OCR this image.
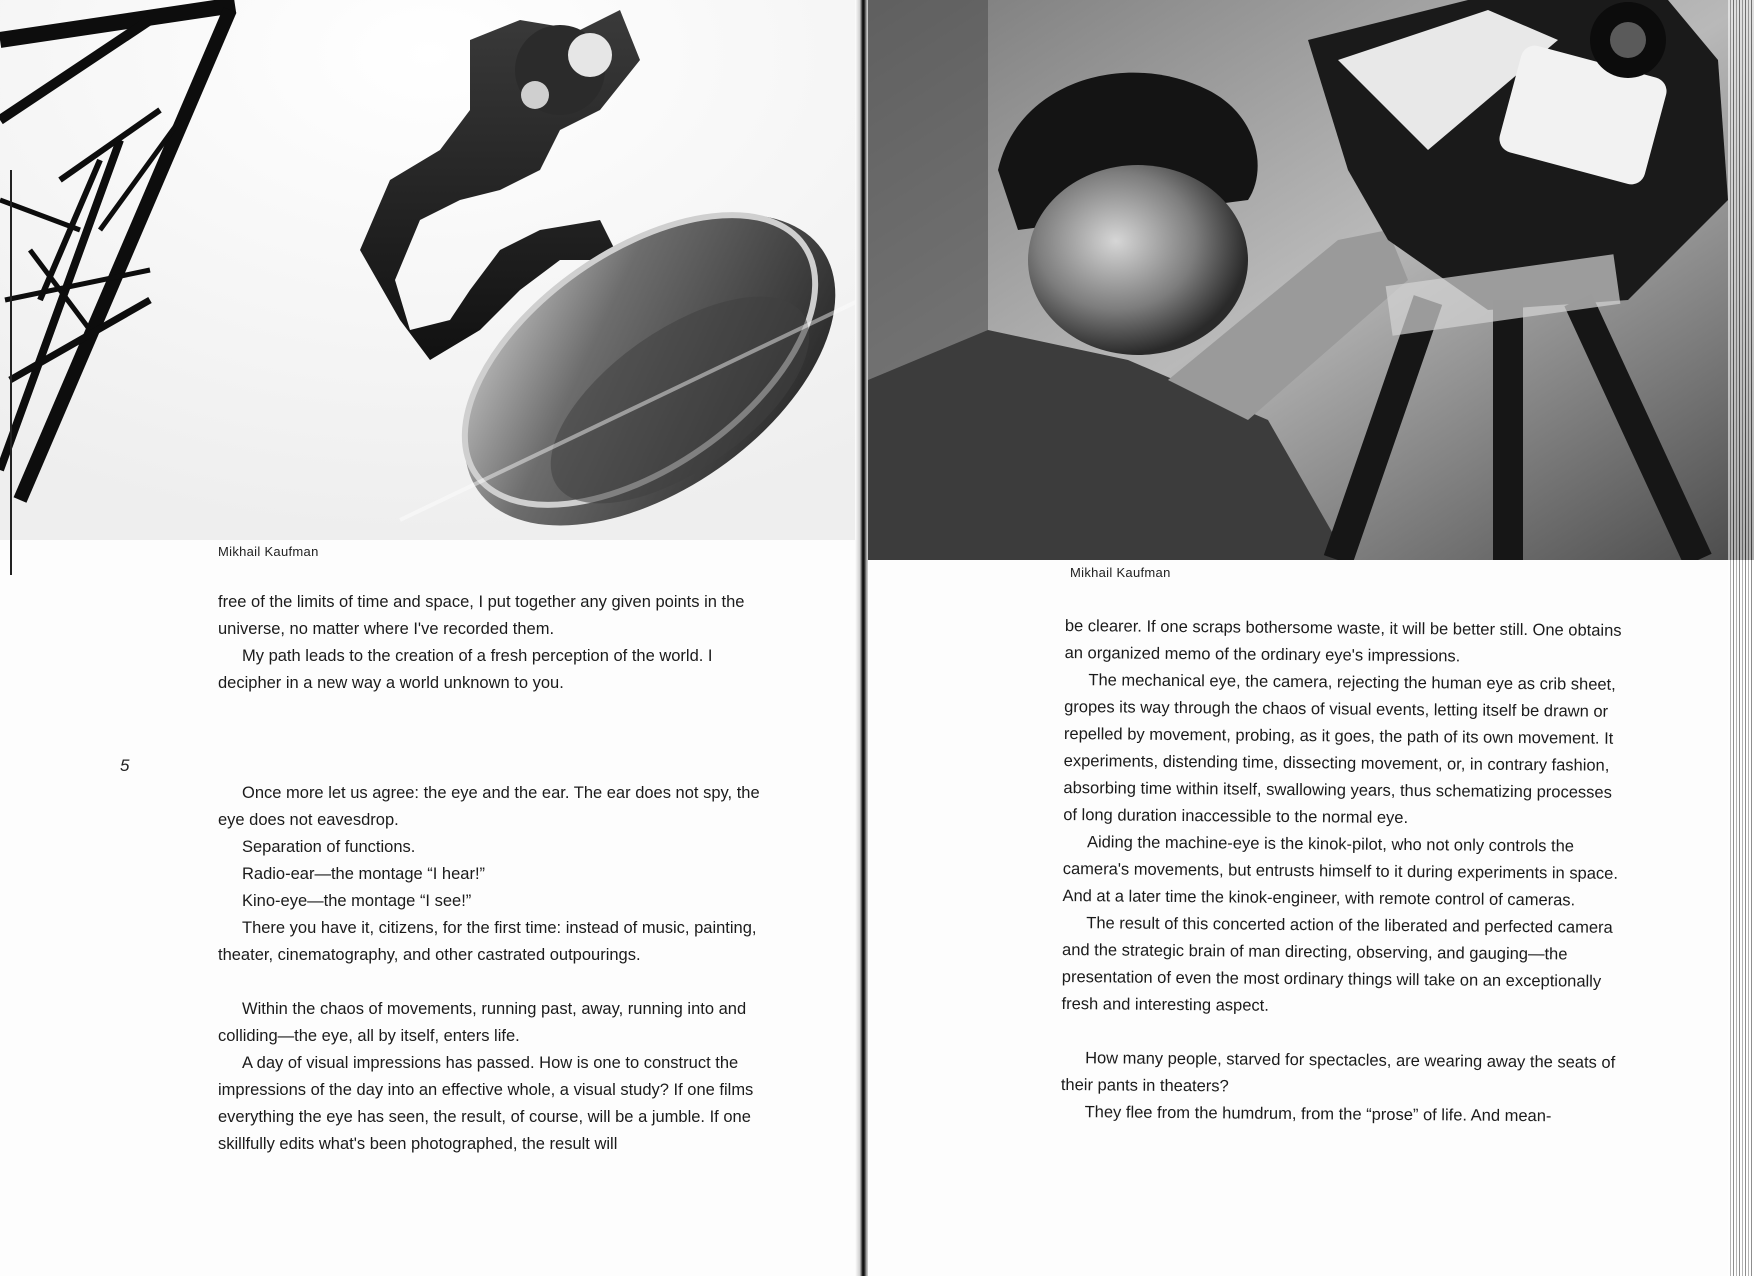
Mikhail Kaufman
5

free of the limits of time and space, I put together any given points in the universe, no matter where I've recorded them.

My path leads to the creation of a fresh perception of the world. I decipher in a new way a world unknown to you.

Once more let us agree: the eye and the ear. The ear does not spy, the eye does not eavesdrop.

Separation of functions.

Radio-ear—the montage “I hear!”

Kino-eye—the montage “I see!”

There you have it, citizens, for the first time: instead of music, painting, theater, cinematography, and other castrated outpourings.

Within the chaos of movements, running past, away, running into and colliding—the eye, all by itself, enters life.

A day of visual impressions has passed. How is one to construct the impressions of the day into an effective whole, a visual study? If one films everything the eye has seen, the result, of course, will be a jumble. If one skillfully edits what's been photographed, the result will

Mikhail Kaufman

be clearer. If one scraps bothersome waste, it will be better still. One obtains an organized memo of the ordinary eye's impressions.

The mechanical eye, the camera, rejecting the human eye as crib sheet, gropes its way through the chaos of visual events, letting itself be drawn or repelled by movement, probing, as it goes, the path of its own movement. It experiments, distending time, dissecting movement, or, in contrary fashion, absorbing time within itself, swallowing years, thus schematizing processes of long duration inaccessible to the normal eye.

Aiding the machine-eye is the kinok-pilot, who not only controls the camera's movements, but entrusts himself to it during experiments in space. And at a later time the kinok-engineer, with remote control of cameras.

The result of this concerted action of the liberated and perfected camera and the strategic brain of man directing, observing, and gauging—the presentation of even the most ordinary things will take on an exceptionally fresh and interesting aspect.

How many people, starved for spectacles, are wearing away the seats of their pants in theaters?

They flee from the humdrum, from the “prose” of life. And mean-
